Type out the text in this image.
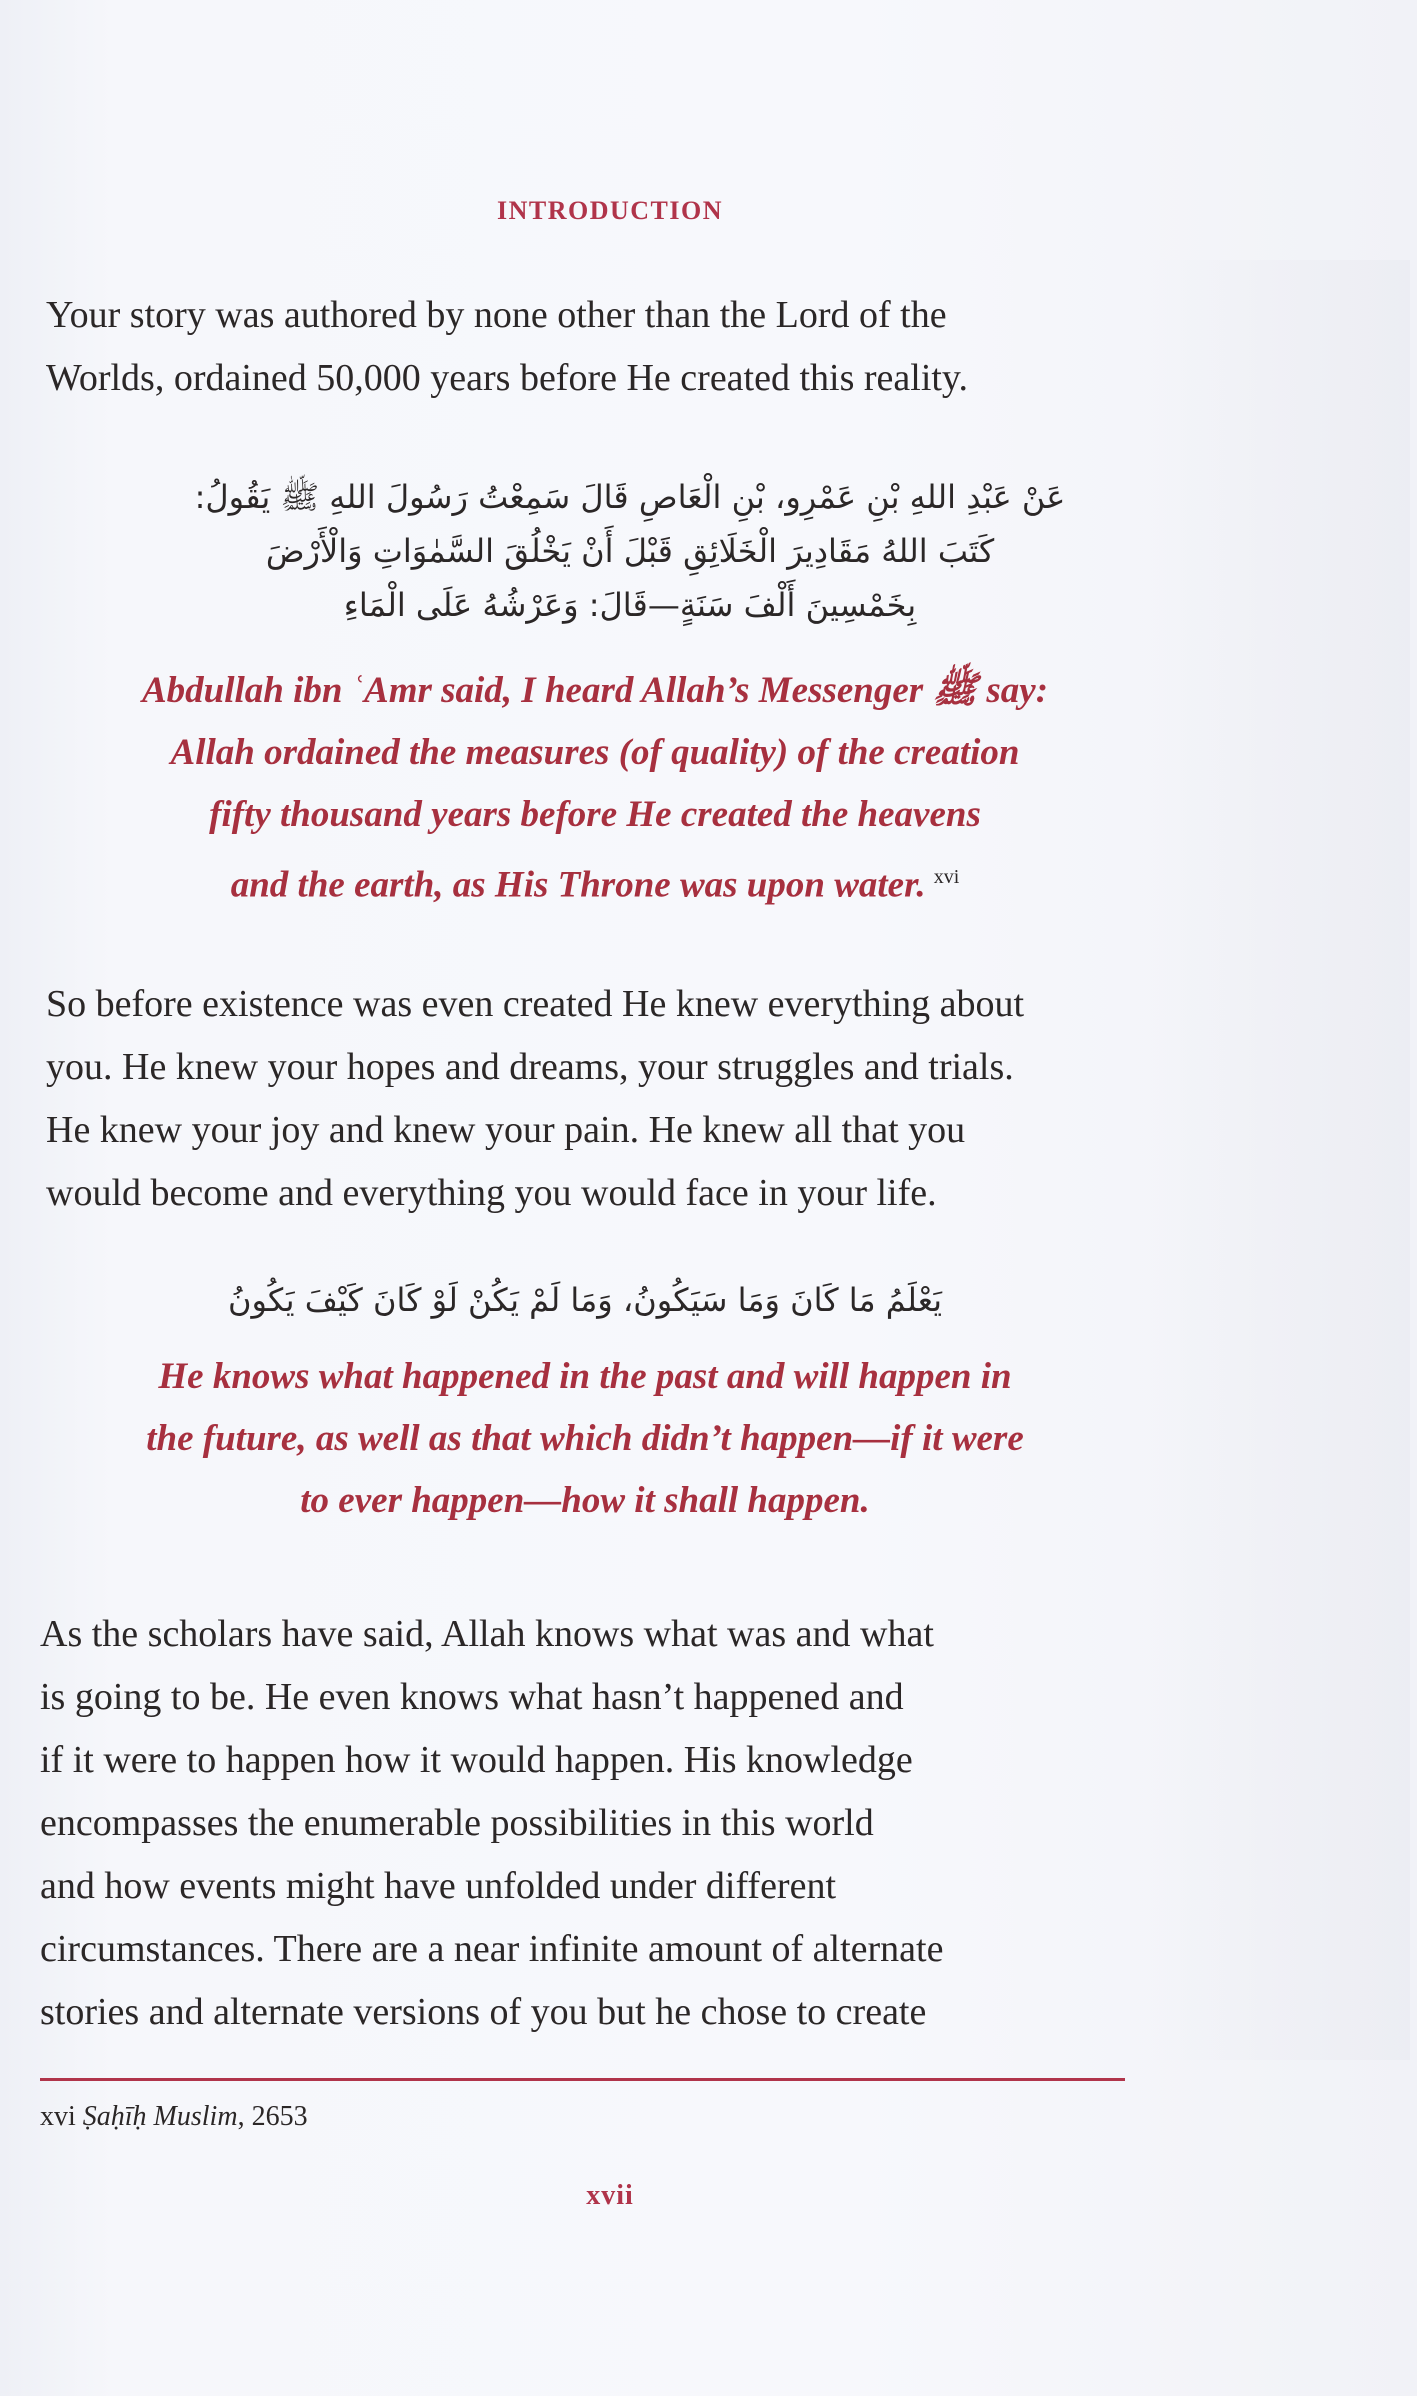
INTRODUCTION

Your story was authored by none other than the Lord of the
Worlds, ordained 50,000 years before He created this reality.

عَنْ عَبْدِ اللهِ بْنِ عَمْرِو، بْنِ الْعَاصِ قَالَ سَمِعْتُ رَسُولَ اللهِ ﷺ يَقُولُ:
كَتَبَ اللهُ مَقَادِيرَ الْخَلَائِقِ قَبْلَ أَنْ يَخْلُقَ السَّمٰوَاتِ وَالْأَرْضَ
بِخَمْسِينَ أَلْفَ سَنَةٍ—قَالَ: وَعَرْشُهُ عَلَى الْمَاءِ

Abdullah ibn ʿAmr said, I heard Allah’s Messenger ﷺ say:
Allah ordained the measures (of quality) of the creation
fifty thousand years before He created the heavens
and the earth, as His Throne was upon water. $^{xvi}$

So before existence was even created He knew everything about
you. He knew your hopes and dreams, your struggles and trials.
He knew your joy and knew your pain. He knew all that you
would become and everything you would face in your life.

يَعْلَمُ مَا كَانَ وَمَا سَيَكُونُ، وَمَا لَمْ يَكُنْ لَوْ كَانَ كَيْفَ يَكُونُ

He knows what happened in the past and will happen in
the future, as well as that which didn’t happen—if it were
to ever happen—how it shall happen.

As the scholars have said, Allah knows what was and what
is going to be. He even knows what hasn’t happened and
if it were to happen how it would happen. His knowledge
encompasses the enumerable possibilities in this world
and how events might have unfolded under different
circumstances. There are a near infinite amount of alternate
stories and alternate versions of you but he chose to create

xvi Ṣaḥīḥ Muslim, 2653
xvii
